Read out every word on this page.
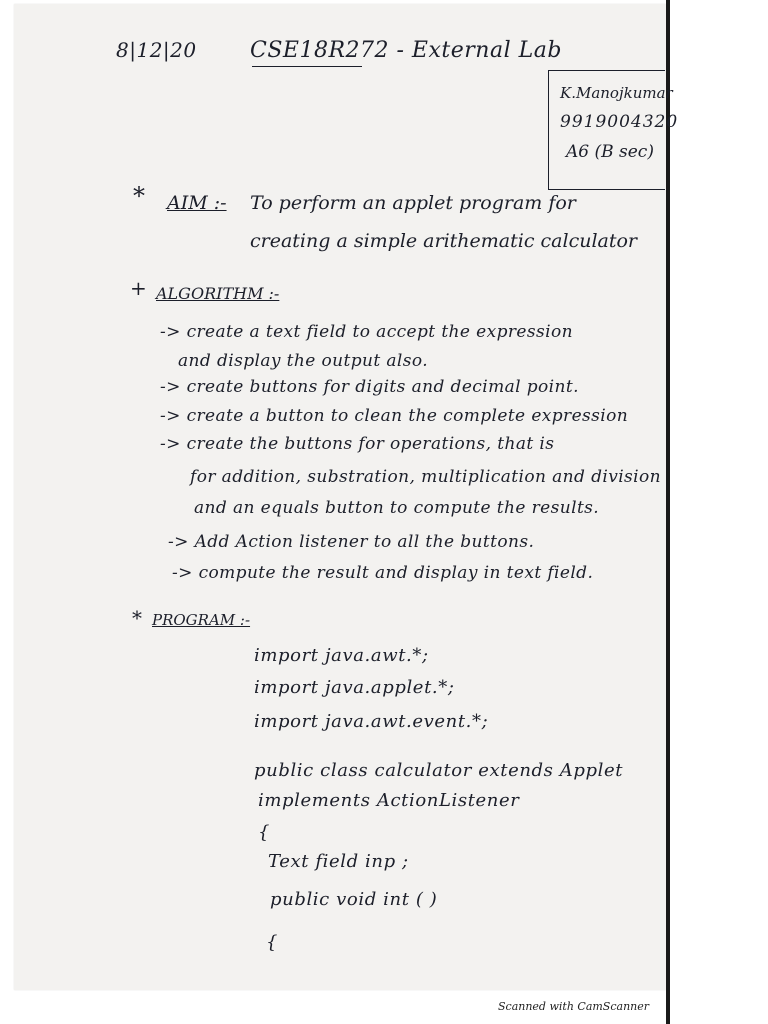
8|12|20 CSE18R272 - External Lab
K.Manojkumar
9919004320
A6 (B sec)
* AIM :- To perform an applet program for
creating a simple arithematic calculator
+ ALGORITHM :-
-> create a text field to accept the expression
and display the output also.
-> create buttons for digits and decimal point.
-> create a button to clean the complete expression
-> create the buttons for operations, that is
for addition, substration, multiplication and division
and an equals button to compute the results.
-> Add Action listener to all the buttons.
-> compute the result and display in text field.
* PROGRAM :-
import java.awt.*;
import java.applet.*;
import java.awt.event.*;
public class calculator extends Applet
implements ActionListener
{
Text field inp ;
public void int ( )
{
Scanned with CamScanner
